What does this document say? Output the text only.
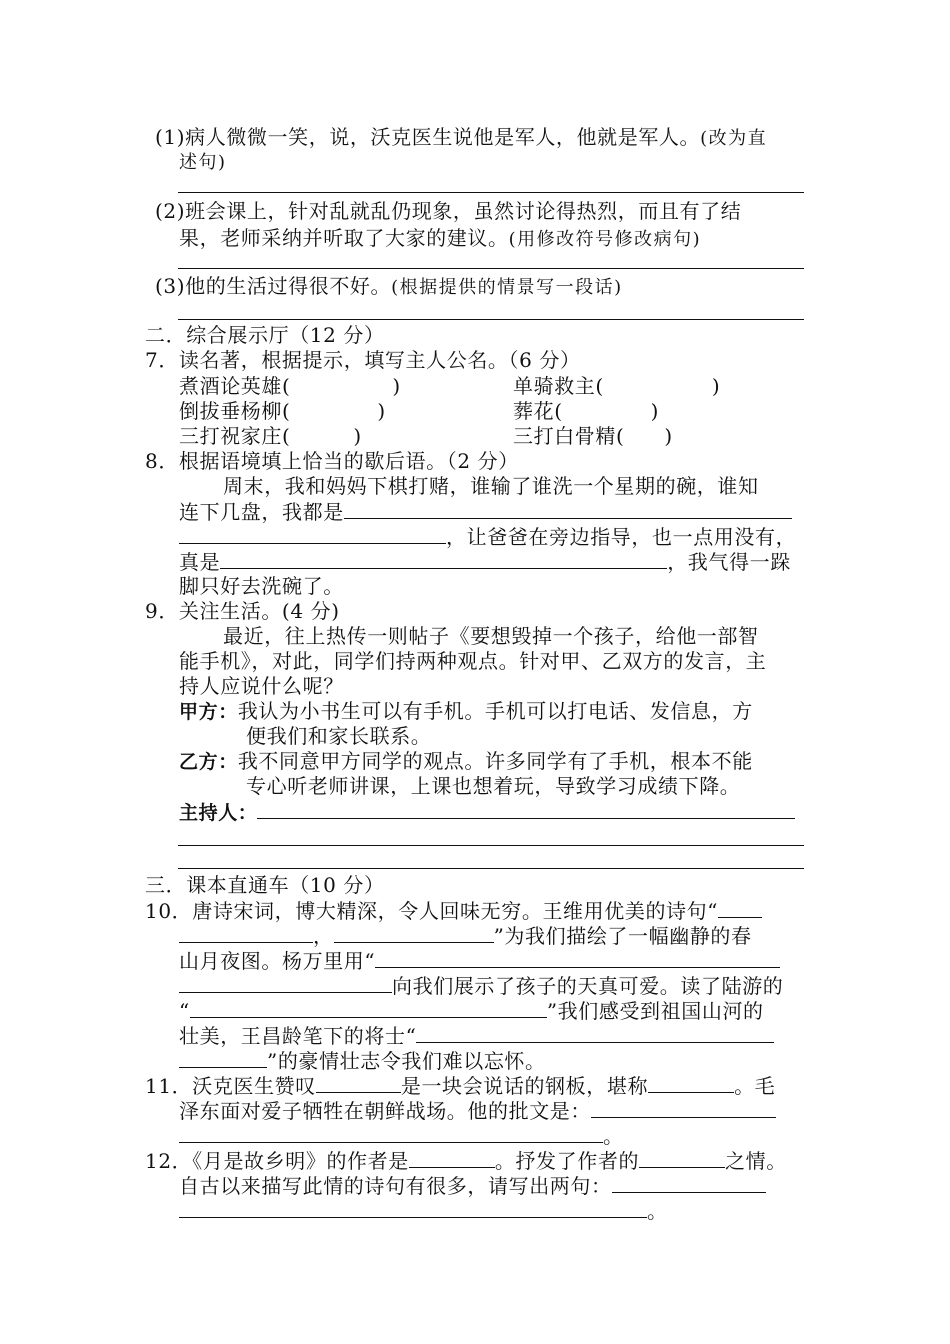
(1)病人微微一笑，说，沃克医生说他是军人，他就是军人。(改为直
述句)
(2)班会课上，针对乱就乱仍现象，虽然讨论得热烈，而且有了结
果，老师采纳并听取了大家的建议。(用修改符号修改病句)
(3)他的生活过得很不好。(根据提供的情景写一段话)
二．综合展示厅（12 分）
7．读名著，根据提示，填写主人公名。（6 分）
煮酒论英雄(	)	单骑救主(	)
倒拔垂杨柳(	)	葬花(	)
三打祝家庄(	)	三打白骨精( )
8．根据语境填上恰当的歇后语。（2 分）
周末，我和妈妈下棋打赌，谁输了谁洗一个星期的碗，谁知
连下几盘，我都是
，让爸爸在旁边指导，也一点用没有，
真是	，我气得一跺
脚只好去洗碗了。
9．关注生活。(4 分)
最近，往上热传一则帖子《要想毁掉一个孩子，给他一部智
能手机》，对此，同学们持两种观点。针对甲、乙双方的发言，主
持人应说什么呢？
甲方：我认为小书生可以有手机。手机可以打电话、发信息，方
便我们和家长联系。
乙方：我不同意甲方同学的观点。许多同学有了手机，根本不能
专心听老师讲课，上课也想着玩，导致学习成绩下降。
主持人：
三．课本直通车（10 分）
10．唐诗宋词，博大精深，令人回味无穷。王维用优美的诗句“
，	”为我们描绘了一幅幽静的春
山月夜图。杨万里用“
向我们展示了孩子的天真可爱。读了陆游的
“	”我们感受到祖国山河的
壮美，王昌龄笔下的将士“
”的豪情壮志令我们难以忘怀。
11．沃克医生赞叹	是一块会说话的钢板，堪称	。毛
泽东面对爱子牺牲在朝鲜战场。他的批文是：
。
12．《月是故乡明》的作者是	。抒发了作者的	之情。
自古以来描写此情的诗句有很多，请写出两句：
。
